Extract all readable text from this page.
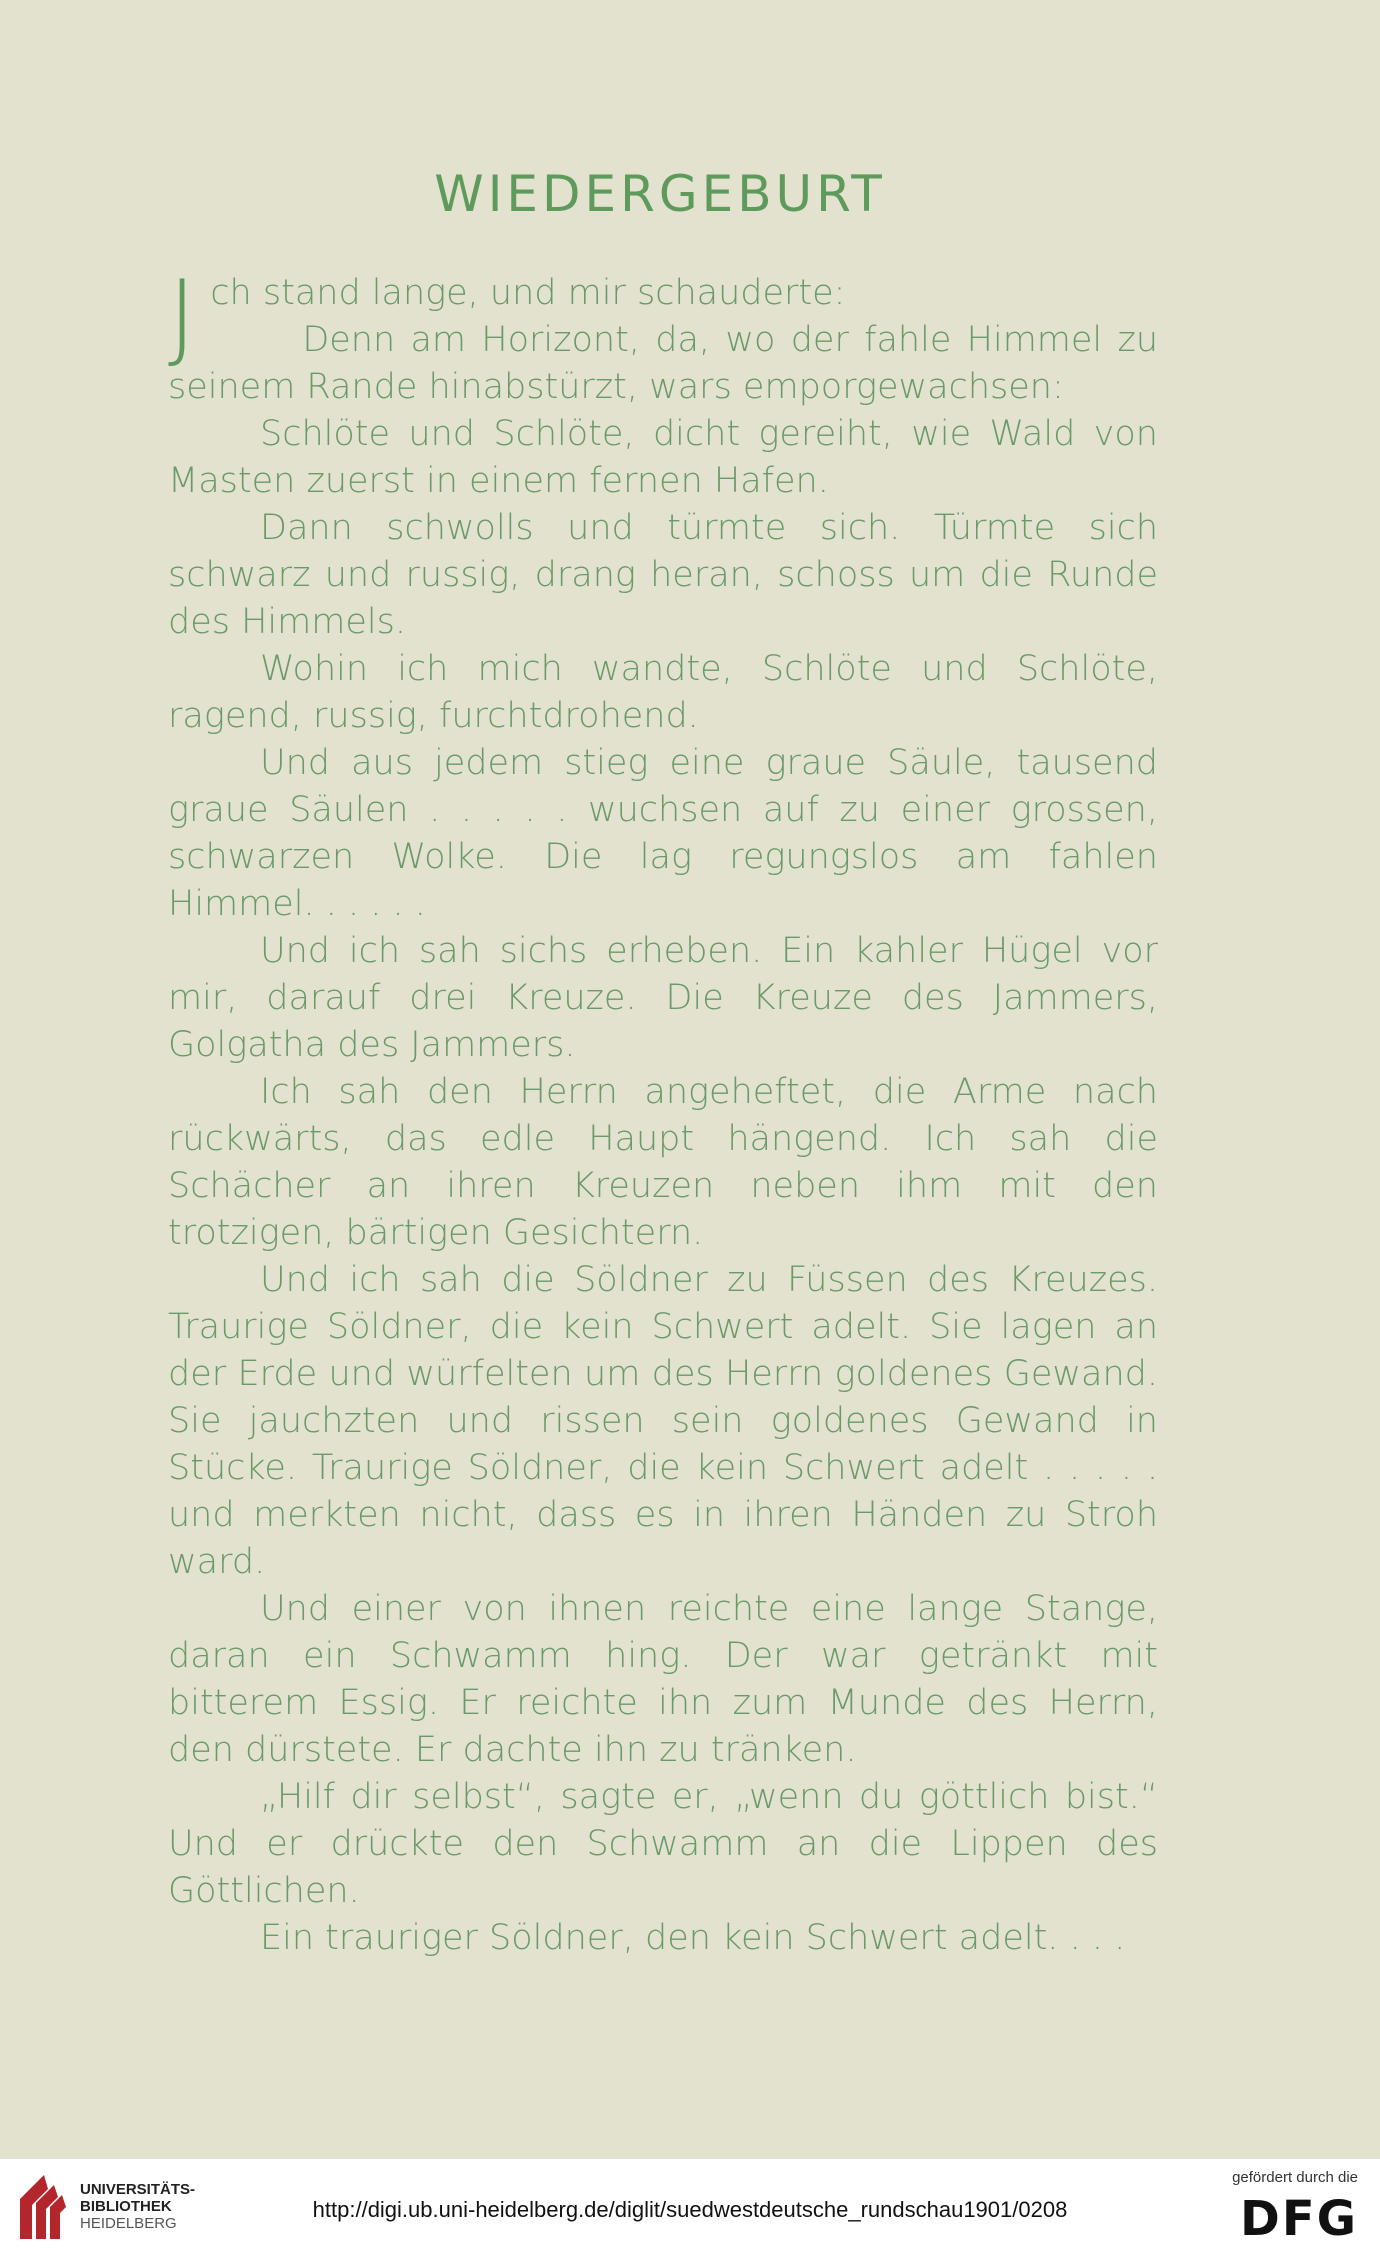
WIEDERGEBURT

Jch stand lange, und mir schauderte:

Denn am Horizont, da, wo der fahle Himmel zu seinem Rande hinabstürzt, wars emporgewachsen:

Schlöte und Schlöte, dicht gereiht, wie Wald von Masten zuerst in einem fernen Hafen.

Dann schwolls und türmte sich. Türmte sich schwarz und russig, drang heran, schoss um die Runde des Himmels.

Wohin ich mich wandte, Schlöte und Schlöte, ragend, russig, furchtdrohend.

Und aus jedem stieg eine graue Säule, tausend graue Säulen . . . . . wuchsen auf zu einer grossen, schwarzen Wolke. Die lag regungslos am fahlen Himmel. . . . . .

Und ich sah sichs erheben. Ein kahler Hügel vor mir, darauf drei Kreuze. Die Kreuze des Jammers, Golgatha des Jammers.

Ich sah den Herrn angeheftet, die Arme nach rückwärts, das edle Haupt hängend. Ich sah die Schächer an ihren Kreuzen neben ihm mit den trotzigen, bärtigen Gesichtern.

Und ich sah die Söldner zu Füssen des Kreuzes. Traurige Söldner, die kein Schwert adelt. Sie lagen an der Erde und würfelten um des Herrn goldenes Gewand. Sie jauchzten und rissen sein goldenes Gewand in Stücke. Traurige Söldner, die kein Schwert adelt . . . . . und merkten nicht, dass es in ihren Händen zu Stroh ward.

Und einer von ihnen reichte eine lange Stange, daran ein Schwamm hing. Der war getränkt mit bitterem Essig. Er reichte ihn zum Munde des Herrn, den dürstete. Er dachte ihn zu tränken.

„Hilf dir selbst“, sagte er, „wenn du göttlich bist.“ Und er drückte den Schwamm an die Lippen des Göttlichen.

Ein trauriger Söldner, den kein Schwert adelt. . . .

UNIVERSITÄTS-
BIBLIOTHEK
HEIDELBERG
http://digi.ub.uni-heidelberg.de/diglit/suedwestdeutsche_rundschau1901/0208
gefördert durch die
DFG
